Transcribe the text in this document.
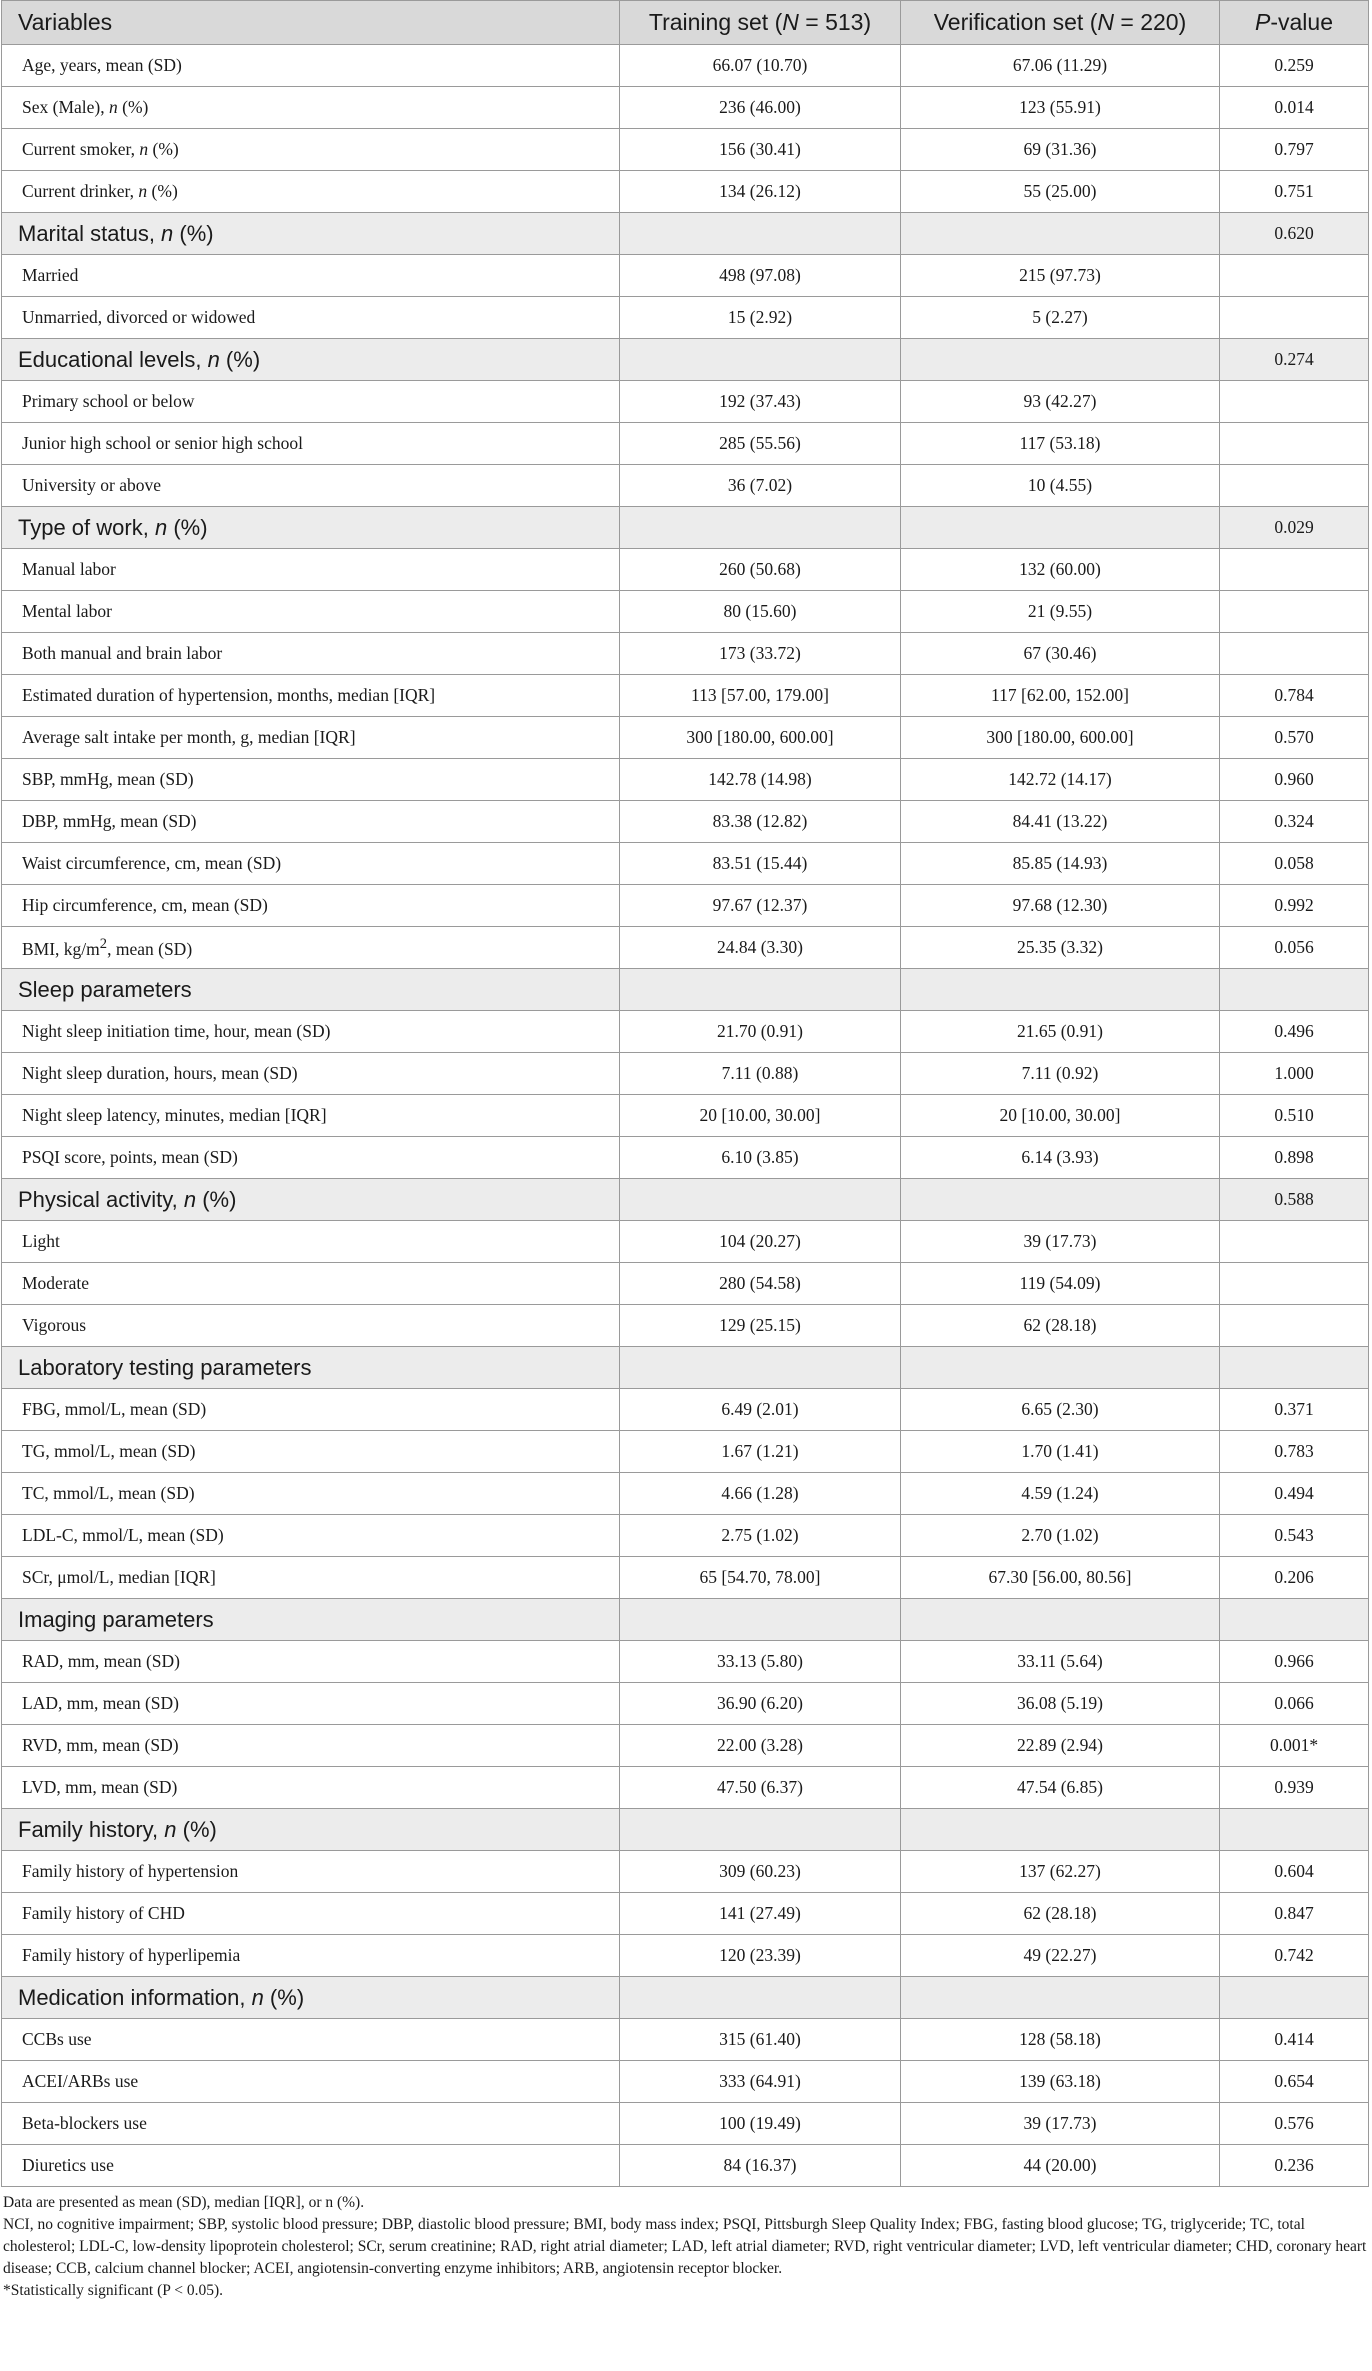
Variables	Training set (N = 513)	Verification set (N = 220)	P-value
Age, years, mean (SD)	66.07 (10.70)	67.06 (11.29)	0.259
Sex (Male), n (%)	236 (46.00)	123 (55.91)	0.014
Current smoker, n (%)	156 (30.41)	69 (31.36)	0.797
Current drinker, n (%)	134 (26.12)	55 (25.00)	0.751
Marital status, n (%)			0.620
Married	498 (97.08)	215 (97.73)	
Unmarried, divorced or widowed	15 (2.92)	5 (2.27)	
Educational levels, n (%)			0.274
Primary school or below	192 (37.43)	93 (42.27)	
Junior high school or senior high school	285 (55.56)	117 (53.18)	
University or above	36 (7.02)	10 (4.55)	
Type of work, n (%)			0.029
Manual labor	260 (50.68)	132 (60.00)	
Mental labor	80 (15.60)	21 (9.55)	
Both manual and brain labor	173 (33.72)	67 (30.46)	
Estimated duration of hypertension, months, median [IQR]	113 [57.00, 179.00]	117 [62.00, 152.00]	0.784
Average salt intake per month, g, median [IQR]	300 [180.00, 600.00]	300 [180.00, 600.00]	0.570
SBP, mmHg, mean (SD)	142.78 (14.98)	142.72 (14.17)	0.960
DBP, mmHg, mean (SD)	83.38 (12.82)	84.41 (13.22)	0.324
Waist circumference, cm, mean (SD)	83.51 (15.44)	85.85 (14.93)	0.058
Hip circumference, cm, mean (SD)	97.67 (12.37)	97.68 (12.30)	0.992
BMI, $kg/m^2$, mean (SD)	24.84 (3.30)	25.35 (3.32)	0.056
Sleep parameters			
Night sleep initiation time, hour, mean (SD)	21.70 (0.91)	21.65 (0.91)	0.496
Night sleep duration, hours, mean (SD)	7.11 (0.88)	7.11 (0.92)	1.000
Night sleep latency, minutes, median [IQR]	20 [10.00, 30.00]	20 [10.00, 30.00]	0.510
PSQI score, points, mean (SD)	6.10 (3.85)	6.14 (3.93)	0.898
Physical activity, n (%)			0.588
Light	104 (20.27)	39 (17.73)	
Moderate	280 (54.58)	119 (54.09)	
Vigorous	129 (25.15)	62 (28.18)	
Laboratory testing parameters			
FBG, mmol/L, mean (SD)	6.49 (2.01)	6.65 (2.30)	0.371
TG, mmol/L, mean (SD)	1.67 (1.21)	1.70 (1.41)	0.783
TC, mmol/L, mean (SD)	4.66 (1.28)	4.59 (1.24)	0.494
LDL-C, mmol/L, mean (SD)	2.75 (1.02)	2.70 (1.02)	0.543
SCr, μmol/L, median [IQR]	65 [54.70, 78.00]	67.30 [56.00, 80.56]	0.206
Imaging parameters			
RAD, mm, mean (SD)	33.13 (5.80)	33.11 (5.64)	0.966
LAD, mm, mean (SD)	36.90 (6.20)	36.08 (5.19)	0.066
RVD, mm, mean (SD)	22.00 (3.28)	22.89 (2.94)	0.001*
LVD, mm, mean (SD)	47.50 (6.37)	47.54 (6.85)	0.939
Family history, n (%)			
Family history of hypertension	309 (60.23)	137 (62.27)	0.604
Family history of CHD	141 (27.49)	62 (28.18)	0.847
Family history of hyperlipemia	120 (23.39)	49 (22.27)	0.742
Medication information, n (%)			
CCBs use	315 (61.40)	128 (58.18)	0.414
ACEI/ARBs use	333 (64.91)	139 (63.18)	0.654
Beta-blockers use	100 (19.49)	39 (17.73)	0.576
Diuretics use	84 (16.37)	44 (20.00)	0.236
Data are presented as mean (SD), median [IQR], or n (%).
NCI, no cognitive impairment; SBP, systolic blood pressure; DBP, diastolic blood pressure; BMI, body mass index; PSQI, Pittsburgh Sleep Quality Index; FBG, fasting blood glucose; TG, triglyceride; TC, total cholesterol; LDL-C, low-density lipoprotein cholesterol; SCr, serum creatinine; RAD, right atrial diameter; LAD, left atrial diameter; RVD, right ventricular diameter; LVD, left ventricular diameter; CHD, coronary heart disease; CCB, calcium channel blocker; ACEI, angiotensin-converting enzyme inhibitors; ARB, angiotensin receptor blocker.
*Statistically significant (P < 0.05).
